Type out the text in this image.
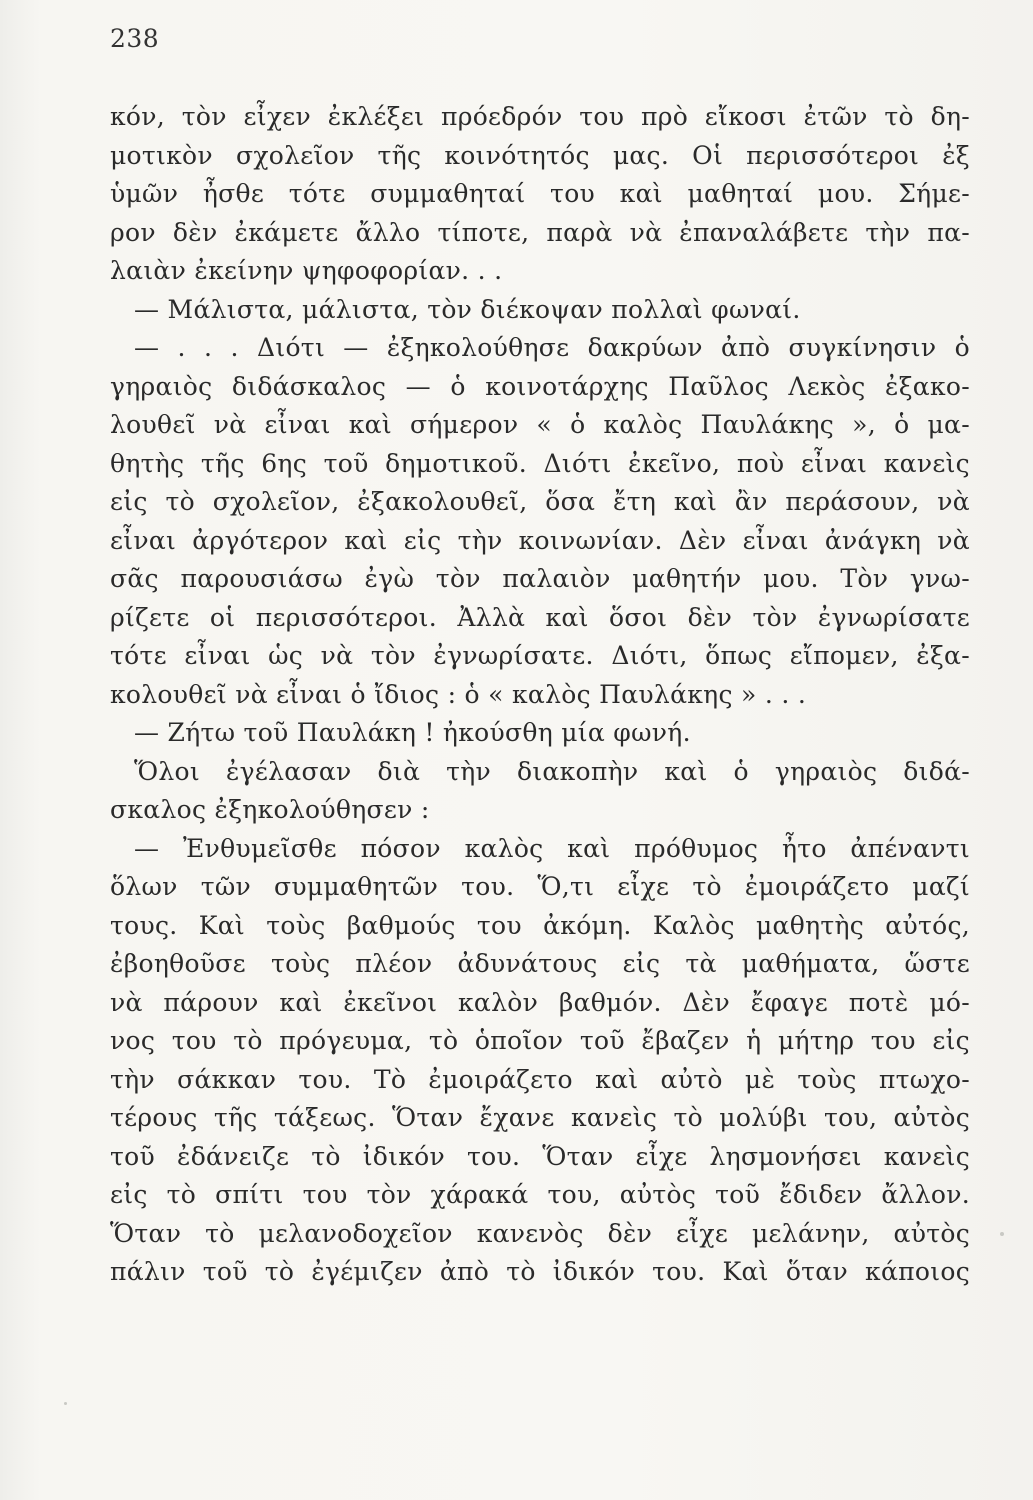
238
κόν, τὸν εἶχεν ἐκλέξει πρόεδρόν του πρὸ εἴκοσι ἐτῶν τὸ δη-
μοτικὸν σχολεῖον τῆς κοινότητός μας. Οἱ περισσότεροι ἐξ
ὑμῶν ἦσθε τότε συμμαθηταί του καὶ μαθηταί μου. Σήμε-
ρον δὲν ἐκάμετε ἄλλο τίποτε, παρὰ νὰ ἐπαναλάβετε τὴν πα-
λαιὰν ἐκείνην ψηφοφορίαν. . .
— Μάλιστα, μάλιστα, τὸν διέκοψαν πολλαὶ φωναί.
— . . . Διότι — ἐξηκολούθησε δακρύων ἀπὸ συγκίνησιν ὁ
γηραιὸς διδάσκαλος — ὁ κοινοτάρχης Παῦλος Λεκὸς ἐξακο-
λουθεῖ νὰ εἶναι καὶ σήμερον « ὁ καλὸς Παυλάκης », ὁ μα-
θητὴς τῆς 6ης τοῦ δημοτικοῦ. Διότι ἐκεῖνο, ποὺ εἶναι κανεὶς
εἰς τὸ σχολεῖον, ἐξακολουθεῖ, ὅσα ἔτη καὶ ἂν περάσουν, νὰ
εἶναι ἀργότερον καὶ εἰς τὴν κοινωνίαν. Δὲν εἶναι ἀνάγκη νὰ
σᾶς παρουσιάσω ἐγὼ τὸν παλαιὸν μαθητήν μου. Τὸν γνω-
ρίζετε οἱ περισσότεροι. Ἀλλὰ καὶ ὅσοι δὲν τὸν ἐγνωρίσατε
τότε εἶναι ὡς νὰ τὸν ἐγνωρίσατε. Διότι, ὅπως εἴπομεν, ἐξα-
κολουθεῖ νὰ εἶναι ὁ ἴδιος : ὁ « καλὸς Παυλάκης » . . .
— Ζήτω τοῦ Παυλάκη ! ἠκούσθη μία φωνή.
Ὅλοι ἐγέλασαν διὰ τὴν διακοπὴν καὶ ὁ γηραιὸς διδά-
σκαλος ἐξηκολούθησεν :
— Ἐνθυμεῖσθε πόσον καλὸς καὶ πρόθυμος ἦτο ἀπέναντι
ὅλων τῶν συμμαθητῶν του. Ὅ,τι εἶχε τὸ ἐμοιράζετο μαζί
τους. Καὶ τοὺς βαθμούς του ἀκόμη. Καλὸς μαθητὴς αὐτός,
ἐβοηθοῦσε τοὺς πλέον ἀδυνάτους εἰς τὰ μαθήματα, ὥστε
νὰ πάρουν καὶ ἐκεῖνοι καλὸν βαθμόν. Δὲν ἔφαγε ποτὲ μό-
νος του τὸ πρόγευμα, τὸ ὁποῖον τοῦ ἔβαζεν ἡ μήτηρ του εἰς
τὴν σάκκαν του. Τὸ ἐμοιράζετο καὶ αὐτὸ μὲ τοὺς πτωχο-
τέρους τῆς τάξεως. Ὅταν ἔχανε κανεὶς τὸ μολύβι του, αὐτὸς
τοῦ ἐδάνειζε τὸ ἰδικόν του. Ὅταν εἶχε λησμονήσει κανεὶς
εἰς τὸ σπίτι του τὸν χάρακά του, αὐτὸς τοῦ ἔδιδεν ἄλλον.
Ὅταν τὸ μελανοδοχεῖον κανενὸς δὲν εἶχε μελάνην, αὐτὸς
πάλιν τοῦ τὸ ἐγέμιζεν ἀπὸ τὸ ἰδικόν του. Καὶ ὅταν κάποιος
